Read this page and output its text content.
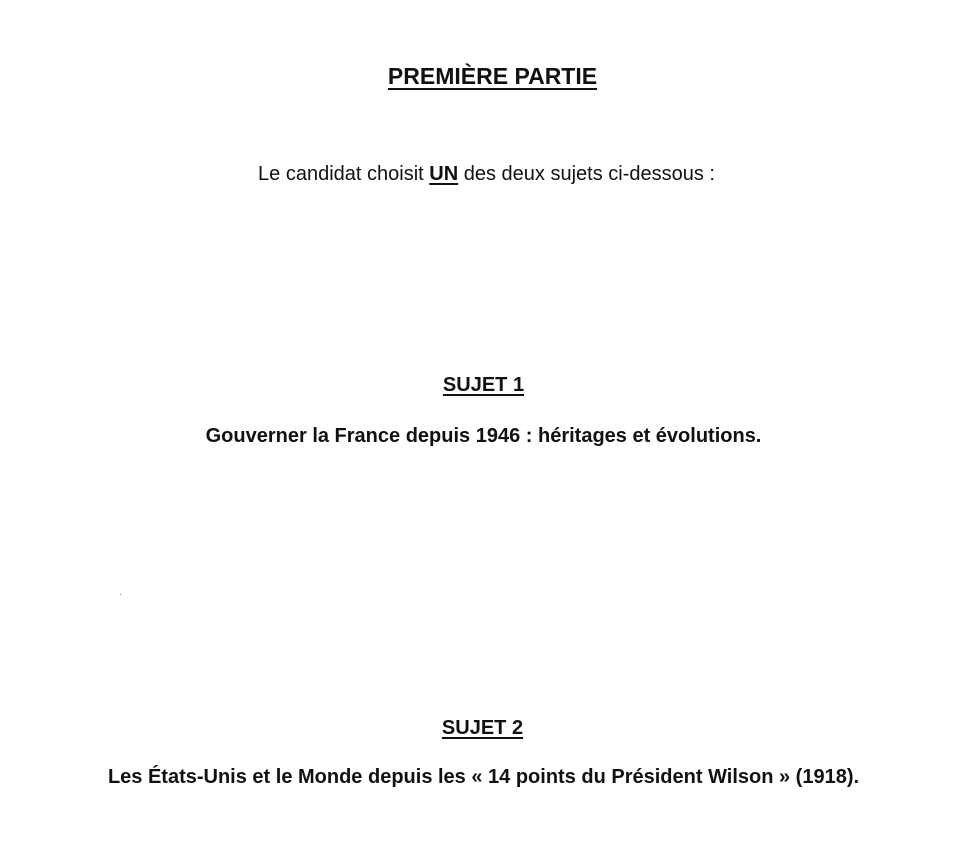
PREMIÈRE PARTIE
Le candidat choisit UN des deux sujets ci-dessous :
SUJET 1
Gouverner la France depuis 1946 : héritages et évolutions.
SUJET 2
Les États-Unis et le Monde depuis les « 14 points du Président Wilson » (1918).
